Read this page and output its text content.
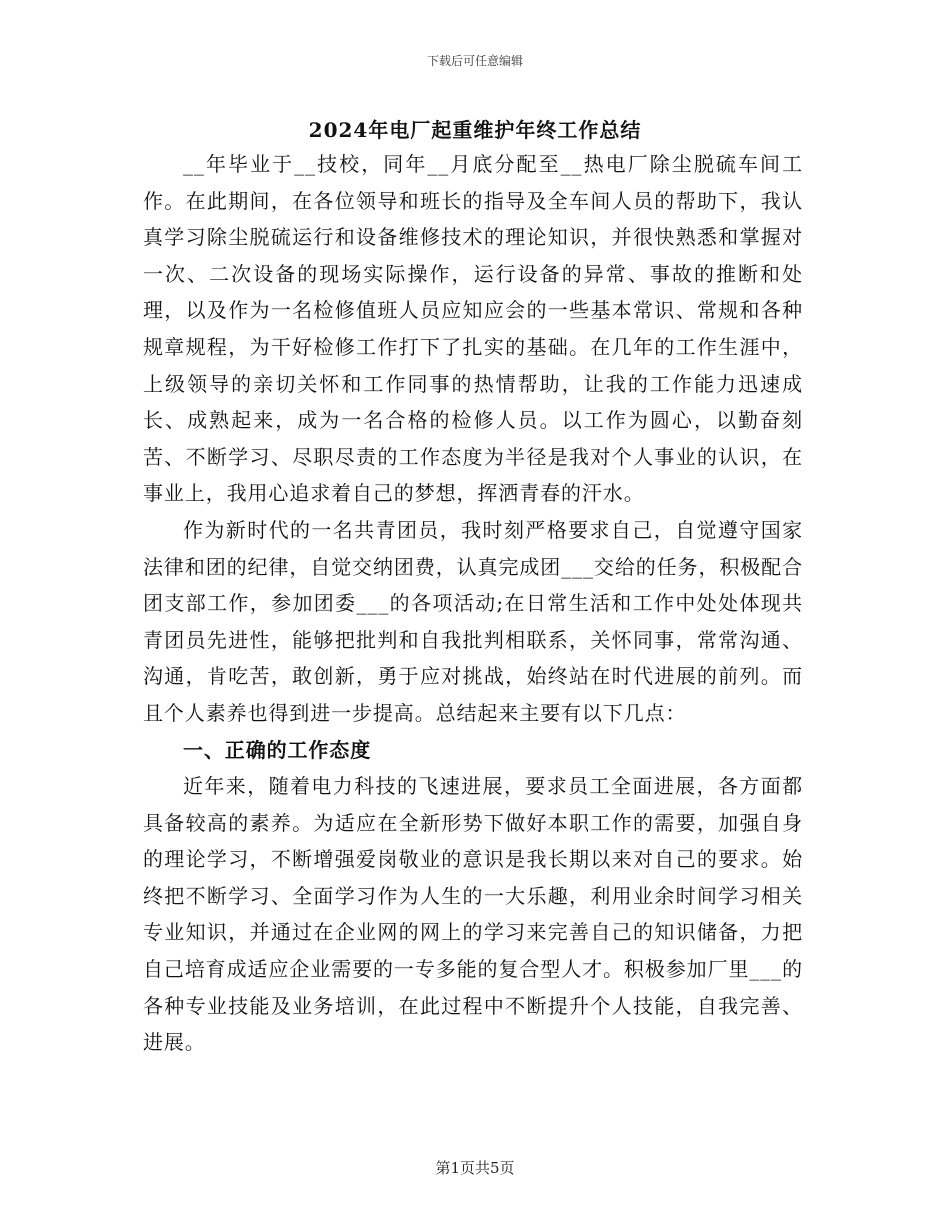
下载后可任意编辑
2024年电厂起重维护年终工作总结

__年毕业于__技校，同年__月底分配至__热电厂除尘脱硫车间工作。在此期间，在各位领导和班长的指导及全车间人员的帮助下，我认真学习除尘脱硫运行和设备维修技术的理论知识，并很快熟悉和掌握对一次、二次设备的现场实际操作，运行设备的异常、事故的推断和处理，以及作为一名检修值班人员应知应会的一些基本常识、常规和各种规章规程，为干好检修工作打下了扎实的基础。在几年的工作生涯中，上级领导的亲切关怀和工作同事的热情帮助，让我的工作能力迅速成长、成熟起来，成为一名合格的检修人员。以工作为圆心，以勤奋刻苦、不断学习、尽职尽责的工作态度为半径是我对个人事业的认识，在事业上，我用心追求着自己的梦想，挥洒青春的汗水。

作为新时代的一名共青团员，我时刻严格要求自己，自觉遵守国家法律和团的纪律，自觉交纳团费，认真完成团___交给的任务，积极配合团支部工作，参加团委___的各项活动;在日常生活和工作中处处体现共青团员先进性，能够把批判和自我批判相联系，关怀同事，常常沟通、沟通，肯吃苦，敢创新，勇于应对挑战，始终站在时代进展的前列。而且个人素养也得到进一步提高。总结起来主要有以下几点：

一、正确的工作态度

近年来，随着电力科技的飞速进展，要求员工全面进展，各方面都具备较高的素养。为适应在全新形势下做好本职工作的需要，加强自身的理论学习，不断增强爱岗敬业的意识是我长期以来对自己的要求。始终把不断学习、全面学习作为人生的一大乐趣，利用业余时间学习相关专业知识，并通过在企业网的网上的学习来完善自己的知识储备，力把自己培育成适应企业需要的一专多能的复合型人才。积极参加厂里___的各种专业技能及业务培训，在此过程中不断提升个人技能，自我完善、进展。

第1页共5页
